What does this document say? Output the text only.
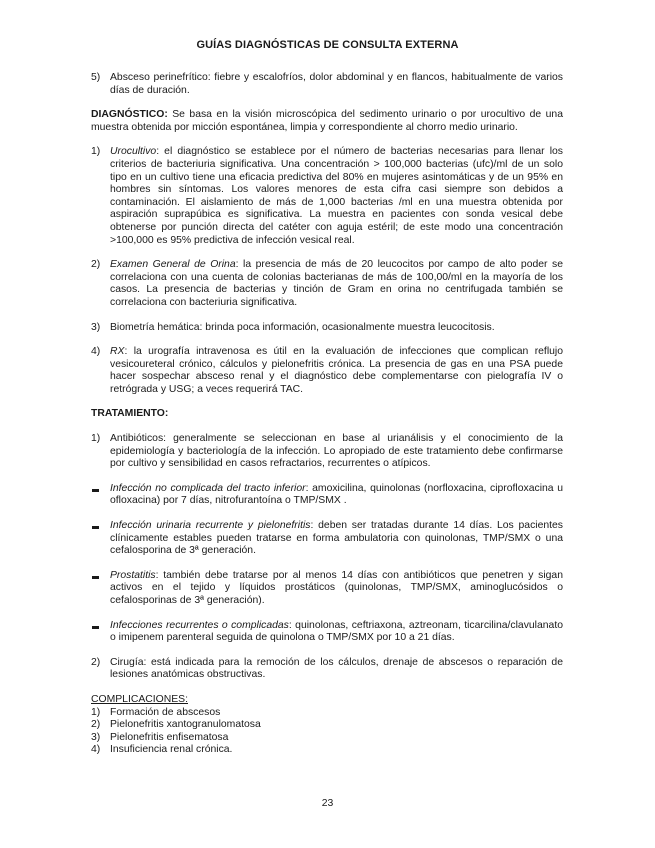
GUÍAS DIAGNÓSTICAS DE CONSULTA EXTERNA
5) Absceso perinefrítico: fiebre y escalofríos, dolor abdominal y en flancos, habitualmente de varios días de duración.
DIAGNÓSTICO: Se basa en la visión microscópica del sedimento urinario o por urocultivo de una muestra obtenida por micción espontánea, limpia y correspondiente al chorro medio urinario.
1) Urocultivo: el diagnóstico se establece por el número de bacterias necesarias para llenar los criterios de bacteriuria significativa. Una concentración > 100,000 bacterias (ufc)/ml de un solo tipo en un cultivo tiene una eficacia predictiva del 80% en mujeres asintomáticas y de un 95% en hombres sin síntomas. Los valores menores de esta cifra casi siempre son debidos a contaminación. El aislamiento de más de 1,000 bacterias /ml en una muestra obtenida por aspiración suprapúbica es significativa. La muestra en pacientes con sonda vesical debe obtenerse por punción directa del catéter con aguja estéril; de este modo una concentración >100,000 es 95% predictiva de infección vesical real.
2) Examen General de Orina: la presencia de más de 20 leucocitos por campo de alto poder se correlaciona con una cuenta de colonias bacterianas de más de 100,00/ml en la mayoría de los casos. La presencia de bacterias y tinción de Gram en orina no centrifugada también se correlaciona con bacteriuria significativa.
3) Biometría hemática: brinda poca información, ocasionalmente muestra leucocitosis.
4) RX: la urografía intravenosa es útil en la evaluación de infecciones que complican reflujo vesicoureteral crónico, cálculos y pielonefritis crónica. La presencia de gas en una PSA puede hacer sospechar absceso renal y el diagnóstico debe complementarse con pielografía IV o retrógrada y USG; a veces requerirá TAC.
TRATAMIENTO:
1) Antibióticos: generalmente se seleccionan en base al urianálisis y el conocimiento de la epidemiología y bacteriología de la infección. Lo apropiado de este tratamiento debe confirmarse por cultivo y sensibilidad en casos refractarios, recurrentes o atípicos.
Infección no complicada del tracto inferior: amoxicilina, quinolonas (norfloxacina, ciprofloxacina u ofloxacina) por 7 días, nitrofurantoína o TMP/SMX .
Infección urinaria recurrente y pielonefritis: deben ser tratadas durante 14 días. Los pacientes clínicamente estables pueden tratarse en forma ambulatoria con quinolonas, TMP/SMX o una cefalosporina de 3ª generación.
Prostatitis: también debe tratarse por al menos 14 días con antibióticos que penetren y sigan activos en el tejido y líquidos prostáticos (quinolonas, TMP/SMX, aminoglucósidos o cefalosporinas de 3ª generación).
Infecciones recurrentes o complicadas: quinolonas, ceftriaxona, aztreonam, ticarcilina/clavulanato o imipenem parenteral seguida de quinolona o TMP/SMX por 10 a 21 días.
2) Cirugía: está indicada para la remoción de los cálculos, drenaje de abscesos o reparación de lesiones anatómicas obstructivas.
COMPLICACIONES:
1) Formación de abscesos
2) Pielonefritis xantogranulomatosa
3) Pielonefritis enfisematosa
4) Insuficiencia renal crónica.
23
